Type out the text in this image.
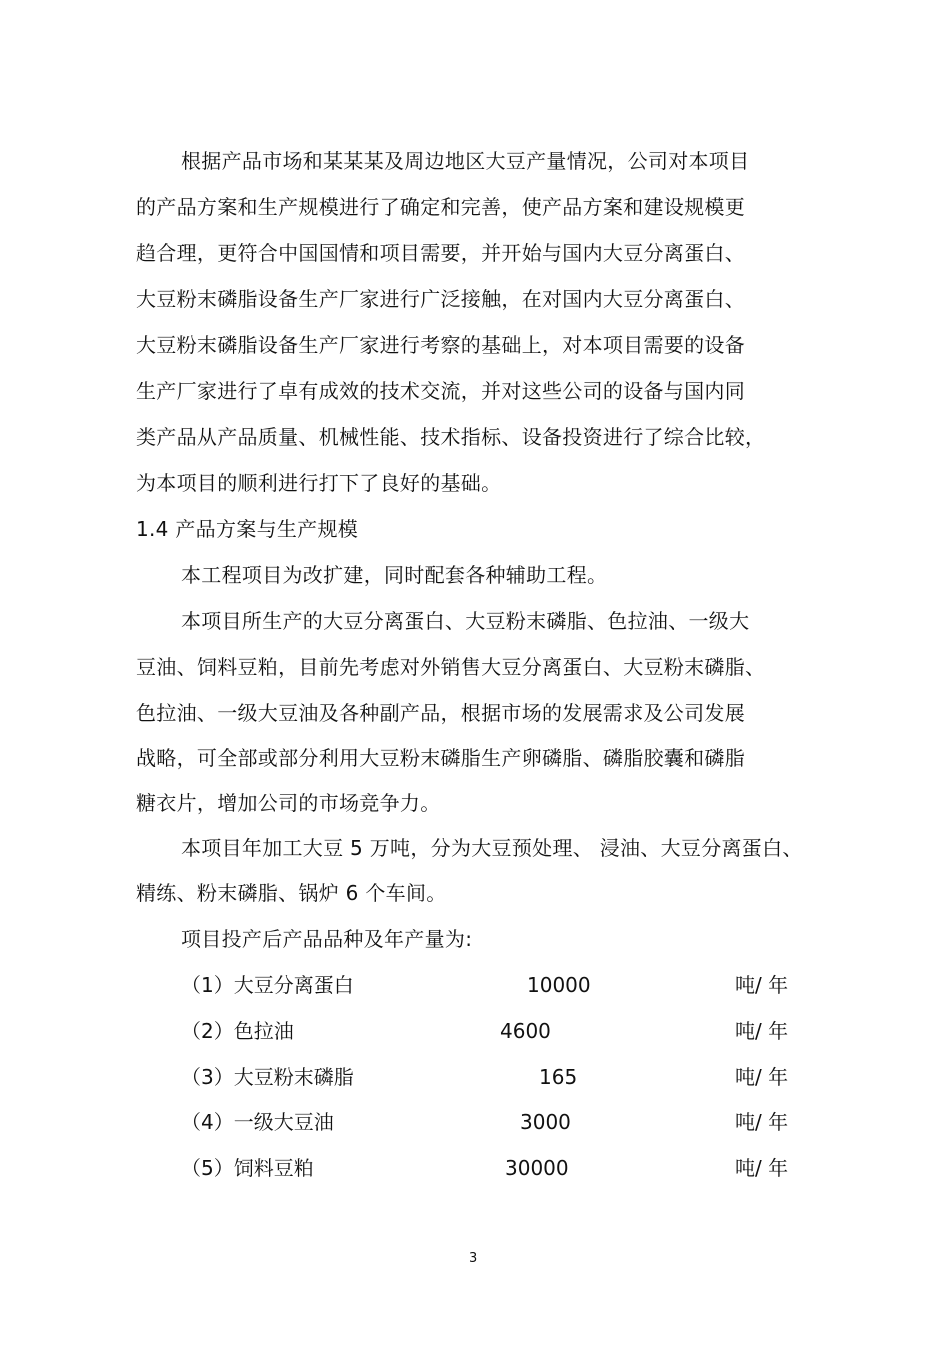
根据产品市场和某某某及周边地区大豆产量情况，公司对本项目
的产品方案和生产规模进行了确定和完善，使产品方案和建设规模更
趋合理，更符合中国国情和项目需要，并开始与国内大豆分离蛋白、
大豆粉末磷脂设备生产厂家进行广泛接触，在对国内大豆分离蛋白、
大豆粉末磷脂设备生产厂家进行考察的基础上，对本项目需要的设备
生产厂家进行了卓有成效的技术交流，并对这些公司的设备与国内同
类产品从产品质量、机械性能、技术指标、设备投资进行了综合比较，
为本项目的顺利进行打下了良好的基础。
1.4 产品方案与生产规模
本工程项目为改扩建，同时配套各种辅助工程。
本项目所生产的大豆分离蛋白、大豆粉末磷脂、色拉油、一级大
豆油、饲料豆粕，目前先考虑对外销售大豆分离蛋白、大豆粉末磷脂、
色拉油、一级大豆油及各种副产品，根据市场的发展需求及公司发展
战略，可全部或部分利用大豆粉末磷脂生产卵磷脂、磷脂胶囊和磷脂
糖衣片，增加公司的市场竞争力。
本项目年加工大豆 5 万吨，分为大豆预处理、 浸油、大豆分离蛋白、
精练、粉末磷脂、锅炉 6 个车间。
项目投产后产品品种及年产量为:
（1）大豆分离蛋白	10000	吨/ 年
（2）色拉油	4600	吨/ 年
（3）大豆粉末磷脂	165	吨/ 年
（4）一级大豆油	3000	吨/ 年
（5）饲料豆粕	30000	吨/ 年
3
